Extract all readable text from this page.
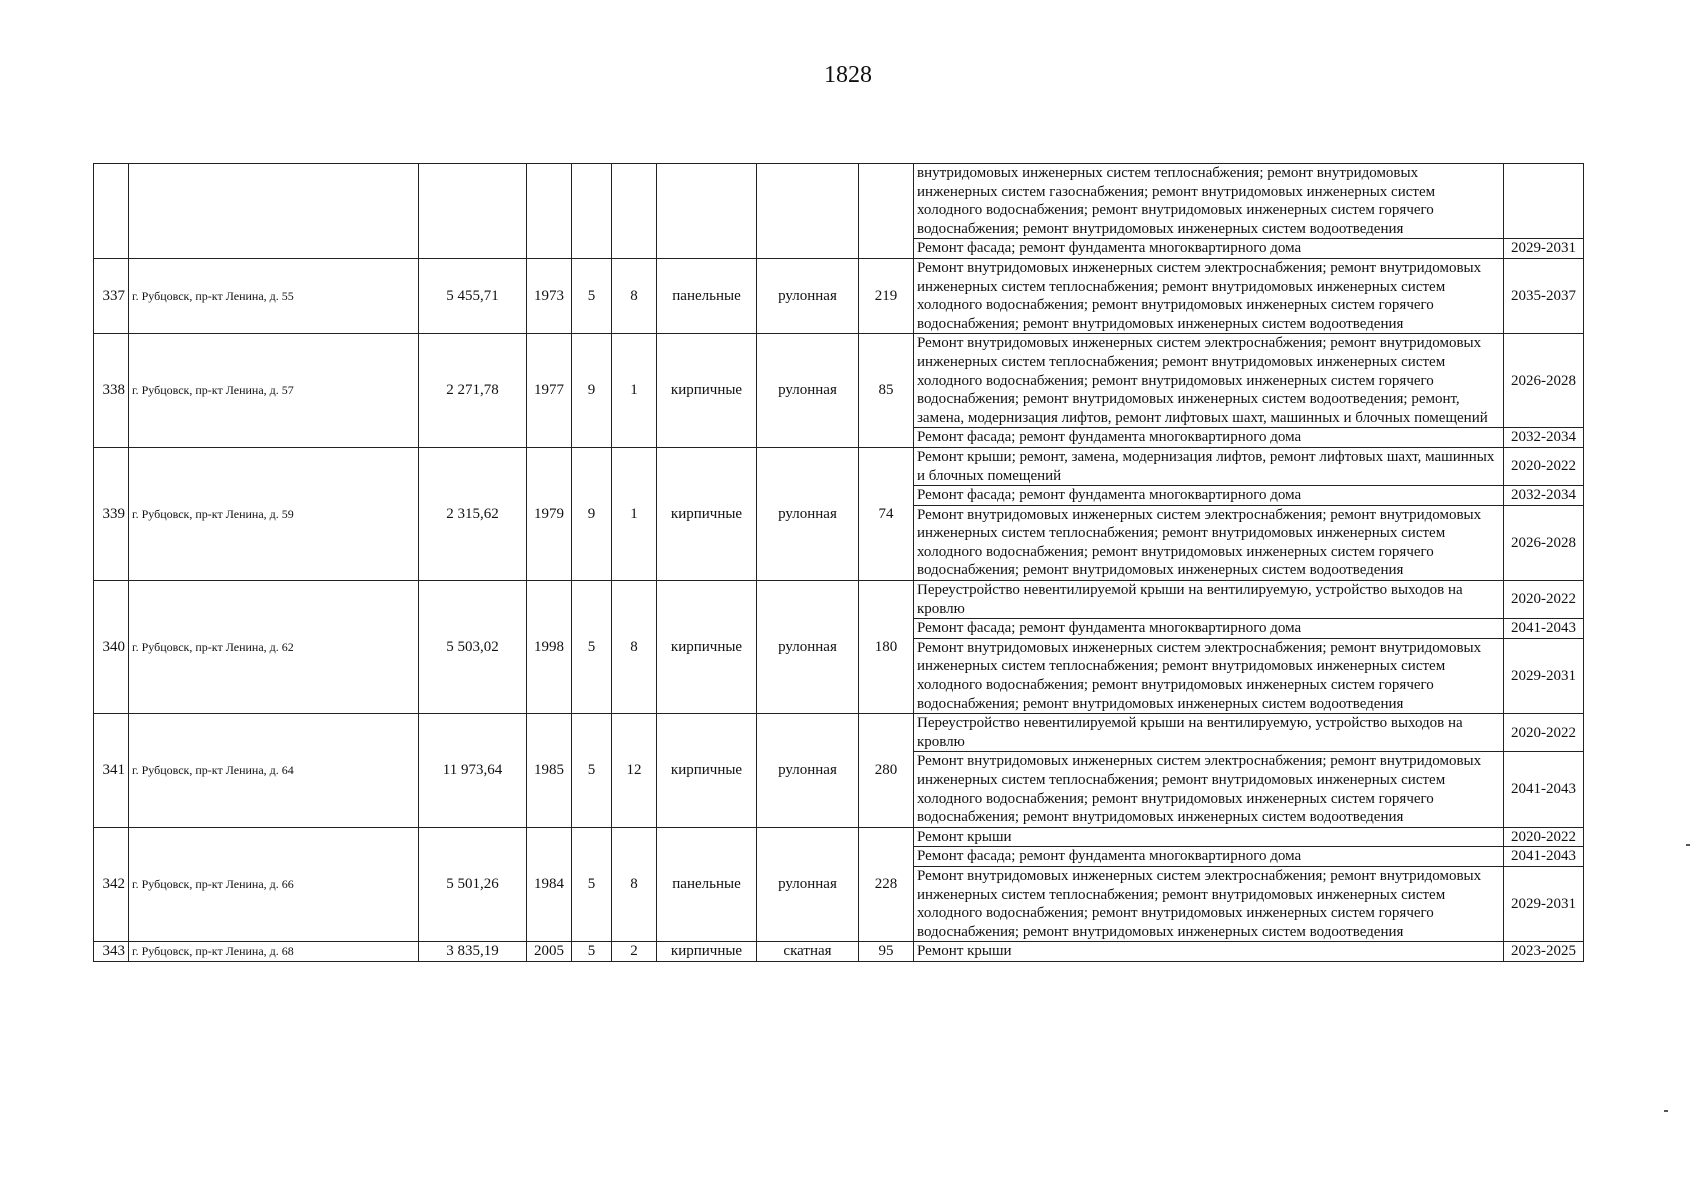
1828
									внутридомовых инженерных систем теплоснабжения; ремонт внутридомовых инженерных систем газоснабжения; ремонт внутридомовых инженерных систем холодного водоснабжения; ремонт внутридомовых инженерных систем горячего водоснабжения; ремонт внутридомовых инженерных систем водоотведения	
									Ремонт фасада; ремонт фундамента многоквартирного дома	2029-2031
337	г. Рубцовск, пр-кт Ленина, д. 55	5 455,71	1973	5	8	панельные	рулонная	219	Ремонт внутридомовых инженерных систем электроснабжения; ремонт внутридомовых инженерных систем теплоснабжения; ремонт внутридомовых инженерных систем холодного водоснабжения; ремонт внутридомовых инженерных систем горячего водоснабжения; ремонт внутридомовых инженерных систем водоотведения	2035-2037
338	г. Рубцовск, пр-кт Ленина, д. 57	2 271,78	1977	9	1	кирпичные	рулонная	85	Ремонт внутридомовых инженерных систем электроснабжения; ремонт внутридомовых инженерных систем теплоснабжения; ремонт внутридомовых инженерных систем холодного водоснабжения; ремонт внутридомовых инженерных систем горячего водоснабжения; ремонт внутридомовых инженерных систем водоотведения; ремонт, замена, модернизация лифтов, ремонт лифтовых шахт, машинных и блочных помещений	2026-2028
									Ремонт фасада; ремонт фундамента многоквартирного дома	2032-2034
339	г. Рубцовск, пр-кт Ленина, д. 59	2 315,62	1979	9	1	кирпичные	рулонная	74	Ремонт крыши; ремонт, замена, модернизация лифтов, ремонт лифтовых шахт, машинных и блочных помещений	2020-2022
									Ремонт фасада; ремонт фундамента многоквартирного дома	2032-2034
									Ремонт внутридомовых инженерных систем электроснабжения; ремонт внутридомовых инженерных систем теплоснабжения; ремонт внутридомовых инженерных систем холодного водоснабжения; ремонт внутридомовых инженерных систем горячего водоснабжения; ремонт внутридомовых инженерных систем водоотведения	2026-2028
340	г. Рубцовск, пр-кт Ленина, д. 62	5 503,02	1998	5	8	кирпичные	рулонная	180	Переустройство невентилируемой крыши на вентилируемую, устройство выходов на кровлю	2020-2022
									Ремонт фасада; ремонт фундамента многоквартирного дома	2041-2043
									Ремонт внутридомовых инженерных систем электроснабжения; ремонт внутридомовых инженерных систем теплоснабжения; ремонт внутридомовых инженерных систем холодного водоснабжения; ремонт внутридомовых инженерных систем горячего водоснабжения; ремонт внутридомовых инженерных систем водоотведения	2029-2031
341	г. Рубцовск, пр-кт Ленина, д. 64	11 973,64	1985	5	12	кирпичные	рулонная	280	Переустройство невентилируемой крыши на вентилируемую, устройство выходов на кровлю	2020-2022
									Ремонт внутридомовых инженерных систем электроснабжения; ремонт внутридомовых инженерных систем теплоснабжения; ремонт внутридомовых инженерных систем холодного водоснабжения; ремонт внутридомовых инженерных систем горячего водоснабжения; ремонт внутридомовых инженерных систем водоотведения	2041-2043
342	г. Рубцовск, пр-кт Ленина, д. 66	5 501,26	1984	5	8	панельные	рулонная	228	Ремонт крыши	2020-2022
									Ремонт фасада; ремонт фундамента многоквартирного дома	2041-2043
									Ремонт внутридомовых инженерных систем электроснабжения; ремонт внутридомовых инженерных систем теплоснабжения; ремонт внутридомовых инженерных систем холодного водоснабжения; ремонт внутридомовых инженерных систем горячего водоснабжения; ремонт внутридомовых инженерных систем водоотведения	2029-2031
343	г. Рубцовск, пр-кт Ленина, д. 68	3 835,19	2005	5	2	кирпичные	скатная	95	Ремонт крыши	2023-2025
